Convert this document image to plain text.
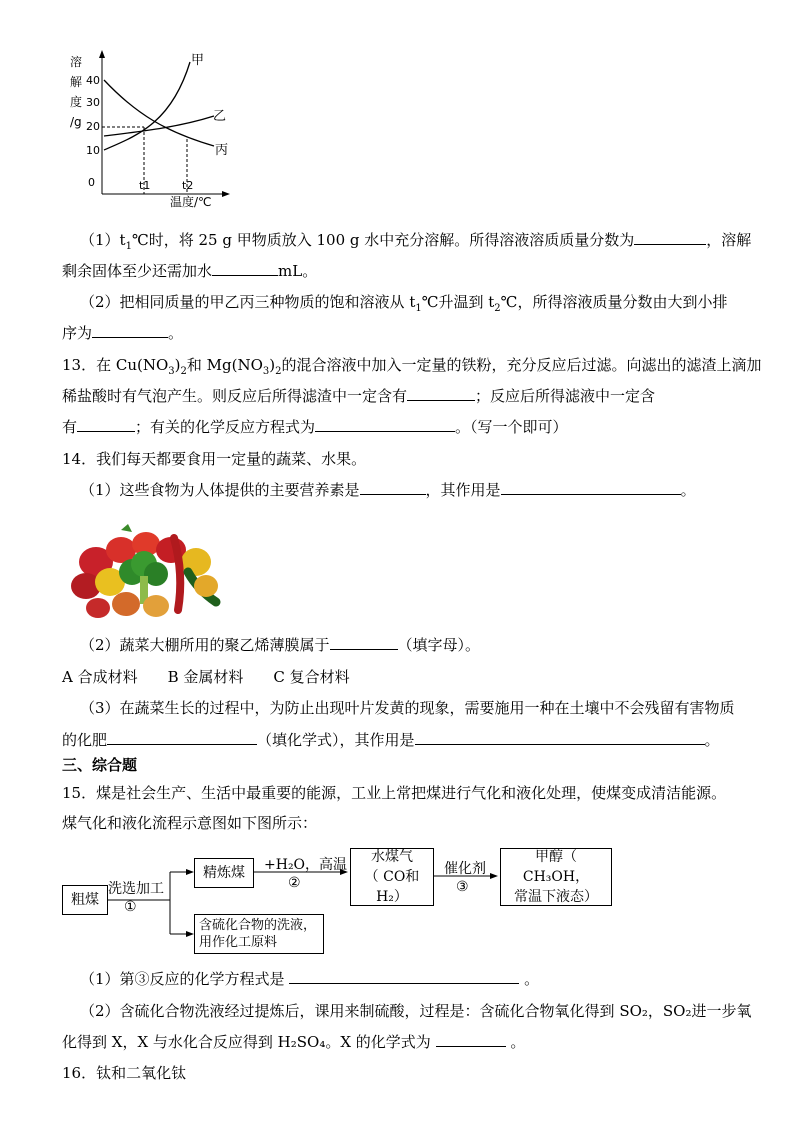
溶
解
度
/g
40
30
20
10
0
甲
乙
丙
t1	t2
温度/℃
$(1)t_1℃$时，将 25 g 甲物质放入 100 g 水中充分溶解。所得溶液溶质质量分数为	，溶解
剩余固体至少还需加水	mL。
（2）把相同质量的甲乙丙三种物质的饱和溶液从 $t_1℃$升温到 $t_2℃$，所得溶液质量分数由大到小排
序为	。
13．在 $Cu(NO_3)_2$和 $Mg(NO_3)_2$的混合溶液中加入一定量的铁粉，充分反应后过滤。向滤出的滤渣上滴加
稀盐酸时有气泡产生。则反应后所得滤渣中一定含有	；反应后所得滤液中一定含
有	；有关的化学反应方程式为	。（写一个即可）
14．我们每天都要食用一定量的蔬菜、水果。
（1）这些食物为人体提供的主要营养素是	，其作用是	。
（2）蔬菜大棚所用的聚乙烯薄膜属于	（填字母）。
A 合成材料　　B 金属材料　　C 复合材料
（3）在蔬菜生长的过程中，为防止出现叶片发黄的现象，需要施用一种在土壤中不会残留有害物质
的化肥	（填化学式），其作用是	。
三、综合题
15．煤是社会生产、生活中最重要的能源，工业上常把煤进行气化和液化处理，使煤变成清洁能源。
煤气化和液化流程示意图如下图所示：
粗煤
洗选加工
①
精炼煤	+H₂O，高温
②
水煤气
（ CO和 H₂）
催化剂
③
甲醇（ CH₃OH，
常温下液态）
含硫化合物的洗液，
用作化工原料
（1）第③反应的化学方程式是	。
（2）含硫化合物洗液经过提炼后，课用来制硫酸，过程是：含硫化合物氧化得到 SO₂，SO₂进一步氧
化得到 X，X 与水化合反应得到 H₂SO₄。X 的化学式为	。
16．钛和二氧化钛
